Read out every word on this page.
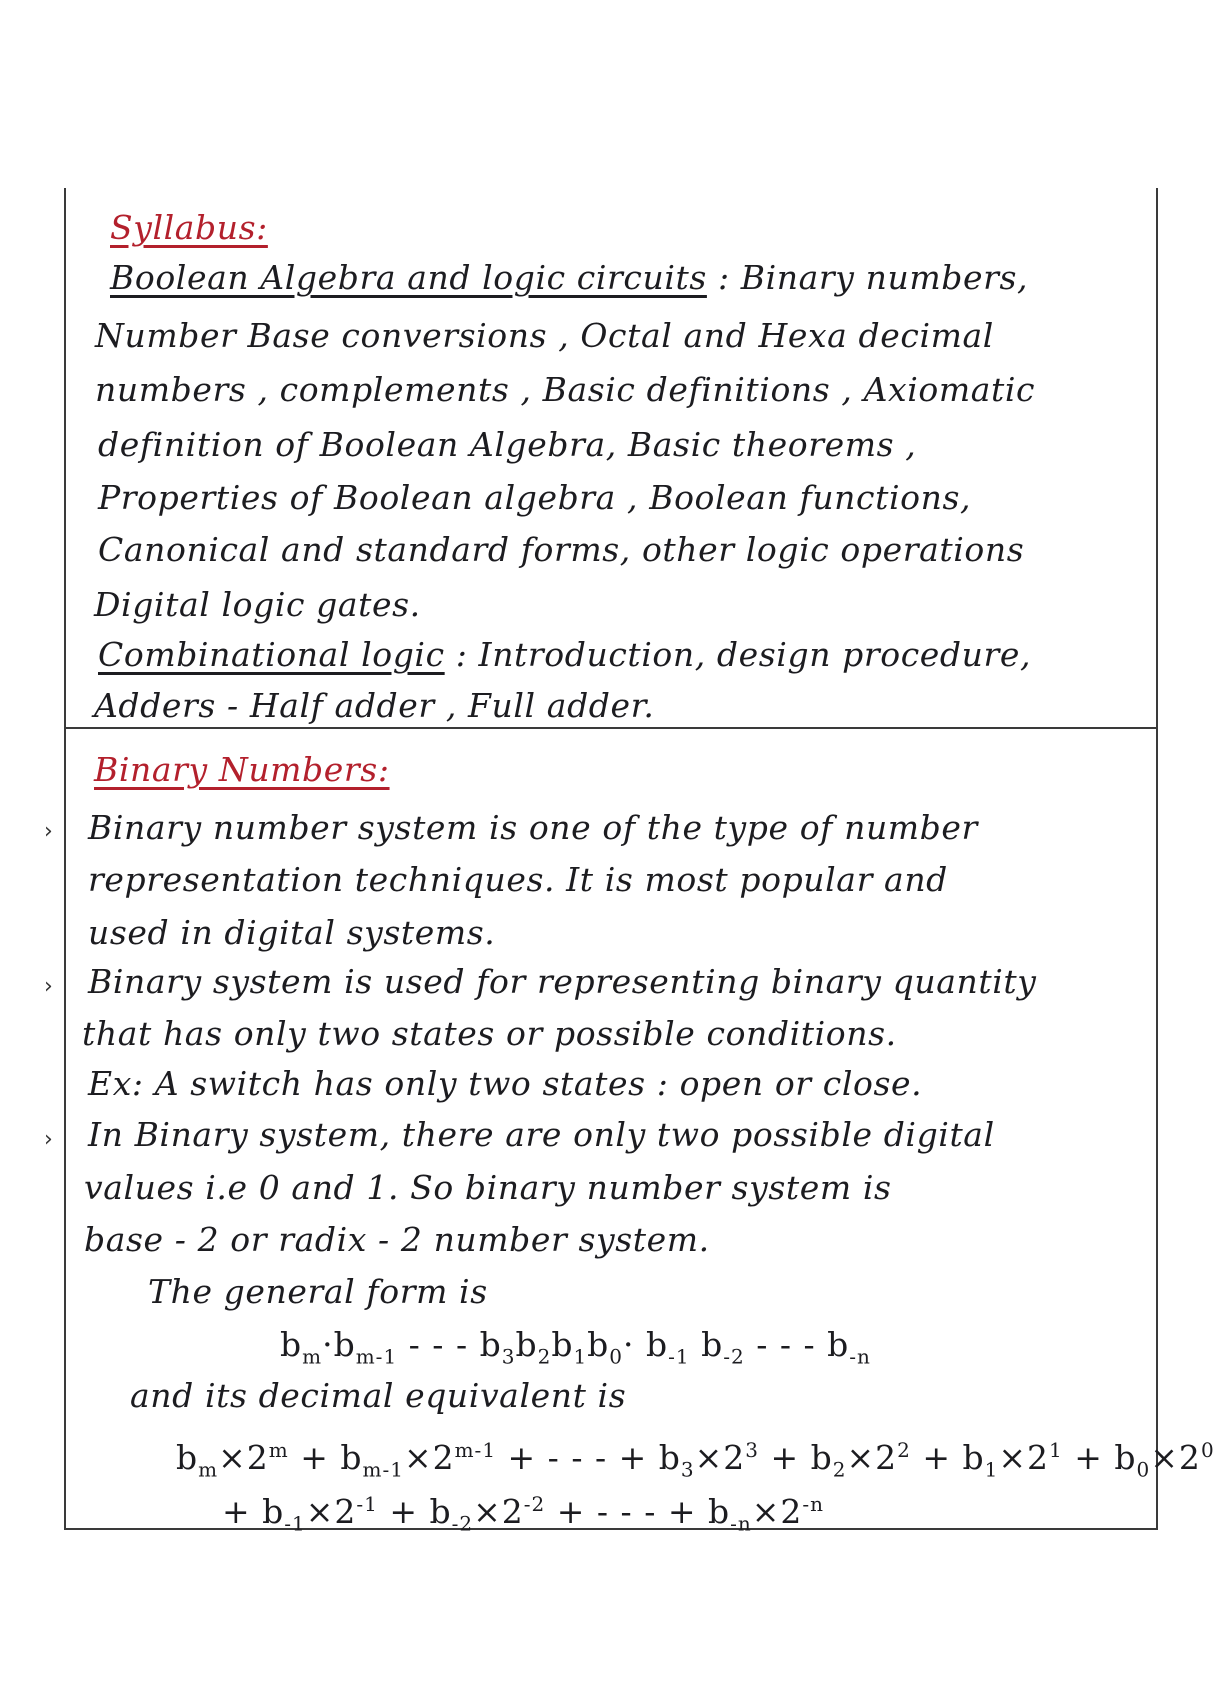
Syllabus:
Boolean Algebra and logic circuits : Binary numbers,
Number Base conversions , Octal and Hexa decimal
numbers , complements , Basic definitions , Axiomatic
definition of Boolean Algebra, Basic theorems ,
Properties of Boolean algebra , Boolean functions,
Canonical and standard forms, other logic operations
Digital logic gates.
Combinational logic : Introduction, design procedure,
Adders - Half adder , Full adder.
Binary Numbers:
› Binary number system is one of the type of number
representation techniques. It is most popular and
used in digital systems.
› Binary system is used for representing binary quantity
that has only two states or possible conditions.
Ex: A switch has only two states : open or close.
› In Binary system, there are only two possible digital
values i.e 0 and 1. So binary number system is
base - 2 or radix - 2 number system.
The general form is
$b_m\cdot b_{m-1}$ - - - $b_3b_2b_1b_0\cdot b_{-1}$ $b_{-2}$ - - - $b_{-n}$
and its decimal equivalent is
$b_m\times 2^m + b_{m-1}\times 2^{m-1}$ + - - - + $b_3\times 2^3 + b_2\times 2^2 + b_1\times 2^1 + b_0\times 2^0$
+ $b_{-1}\times 2^{-1} + b_{-2}\times 2^{-2}$ + - - - + $b_{-n}\times 2^{-n}$
